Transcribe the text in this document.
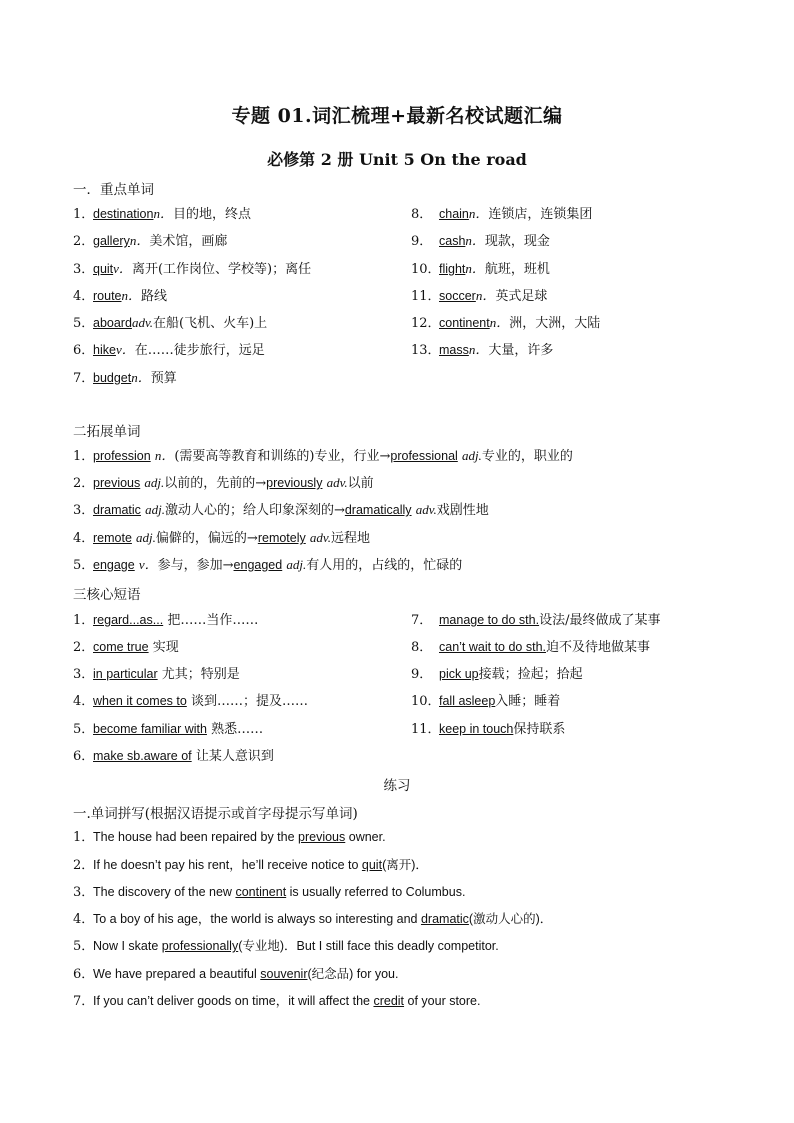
专题 01.词汇梳理+最新名校试题汇编
必修第 2 册 Unit 5 On the road
一．重点单词
1．destinationn．目的地，终点
2．galleryn．美术馆，画廊
3．quitv．离开(工作岗位、学校等)；离任
4．routen．路线
5．aboardadv.在船(飞机、火车)上
6．hikev．在……徒步旅行，远足
7．budgetn．预算
8． chainn．连锁店，连锁集团
9． cashn．现款，现金
10．flightn．航班，班机
11．soccern．英式足球
12．continentn．洲，大洲，大陆
13．massn．大量，许多
二拓展单词
1．profession n．(需要高等教育和训练的)专业，行业→professional adj.专业的，职业的
2．previous adj.以前的，先前的→previously adv.以前
3．dramatic adj.激动人心的；给人印象深刻的→dramatically adv.戏剧性地
4．remote adj.偏僻的，偏远的→remotely adv.远程地
5．engage v．参与，参加→engaged adj.有人用的，占线的，忙碌的
三核心短语
1．regard...as... 把……当作……
2．come true 实现
3．in particular 尤其；特别是
4．when it comes to 谈到……；提及……
5．become familiar with 熟悉……
6．make sb.aware of 让某人意识到
7． manage to do sth.设法/最终做成了某事
8． can’t wait to do sth.迫不及待地做某事
9． pick up接载；捡起；拾起
10．fall asleep入睡；睡着
11．keep in touch保持联系
练习
一.单词拼写(根据汉语提示或首字母提示写单词)
1．The house had been repaired by the previous owner.
2．If he doesn’t pay his rent，he’ll receive notice to quit(离开)．
3．The discovery of the new continent is usually referred to Columbus.
4．To a boy of his age，the world is always so interesting and dramatic(激动人心的)．
5．Now I skate professionally(专业地)．But I still face this deadly competitor.
6．We have prepared a beautiful souvenir(纪念品) for you.
7．If you can’t deliver goods on time，it will affect the credit of your store.
